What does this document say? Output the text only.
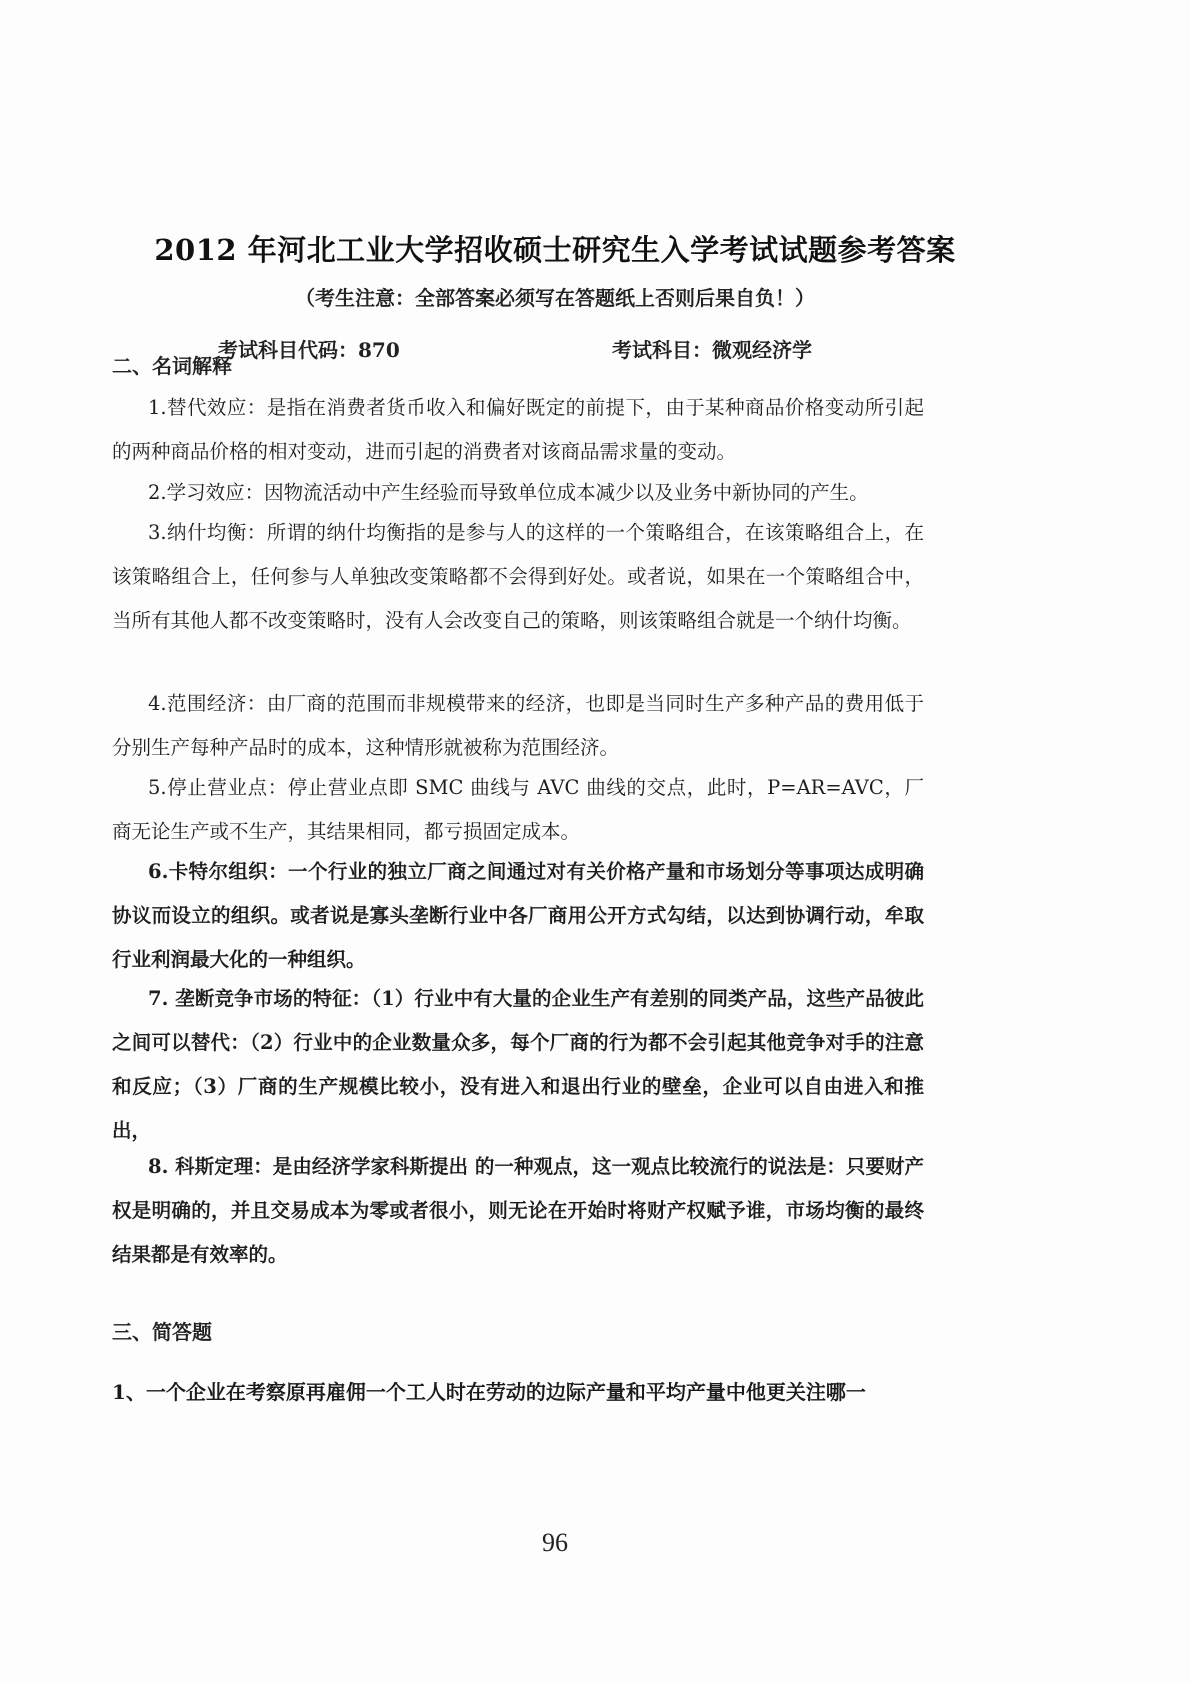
2012 年河北工业大学招收硕士研究生入学考试试题参考答案
（考生注意：全部答案必须写在答题纸上否则后果自负！）
考试科目代码：870	考试科目：微观经济学
二、名词解释
1.替代效应：是指在消费者货币收入和偏好既定的前提下，由于某种商品价格变动所引起的两种商品价格的相对变动，进而引起的消费者对该商品需求量的变动。
2.学习效应：因物流活动中产生经验而导致单位成本减少以及业务中新协同的产生。
3.纳什均衡：所谓的纳什均衡指的是参与人的这样的一个策略组合，在该策略组合上，在该策略组合上，任何参与人单独改变策略都不会得到好处。或者说，如果在一个策略组合中，当所有其他人都不改变策略时，没有人会改变自己的策略，则该策略组合就是一个纳什均衡。
4.范围经济：由厂商的范围而非规模带来的经济，也即是当同时生产多种产品的费用低于分别生产每种产品时的成本，这种情形就被称为范围经济。
5.停止营业点：停止营业点即 SMC 曲线与 AVC 曲线的交点，此时，P=AR=AVC，厂商无论生产或不生产，其结果相同，都亏损固定成本。
6.卡特尔组织：一个行业的独立厂商之间通过对有关价格产量和市场划分等事项达成明确协议而设立的组织。或者说是寡头垄断行业中各厂商用公开方式勾结，以达到协调行动，牟取行业利润最大化的一种组织。
7. 垄断竞争市场的特征：（1）行业中有大量的企业生产有差别的同类产品，这些产品彼此之间可以替代：（2）行业中的企业数量众多，每个厂商的行为都不会引起其他竞争对手的注意和反应；（3）厂商的生产规模比较小，没有进入和退出行业的壁垒，企业可以自由进入和推出，
8. 科斯定理：是由经济学家科斯提出 的一种观点，这一观点比较流行的说法是：只要财产权是明确的，并且交易成本为零或者很小，则无论在开始时将财产权赋予谁，市场均衡的最终结果都是有效率的。
三、简答题
1、一个企业在考察原再雇佣一个工人时在劳动的边际产量和平均产量中他更关注哪一
96
